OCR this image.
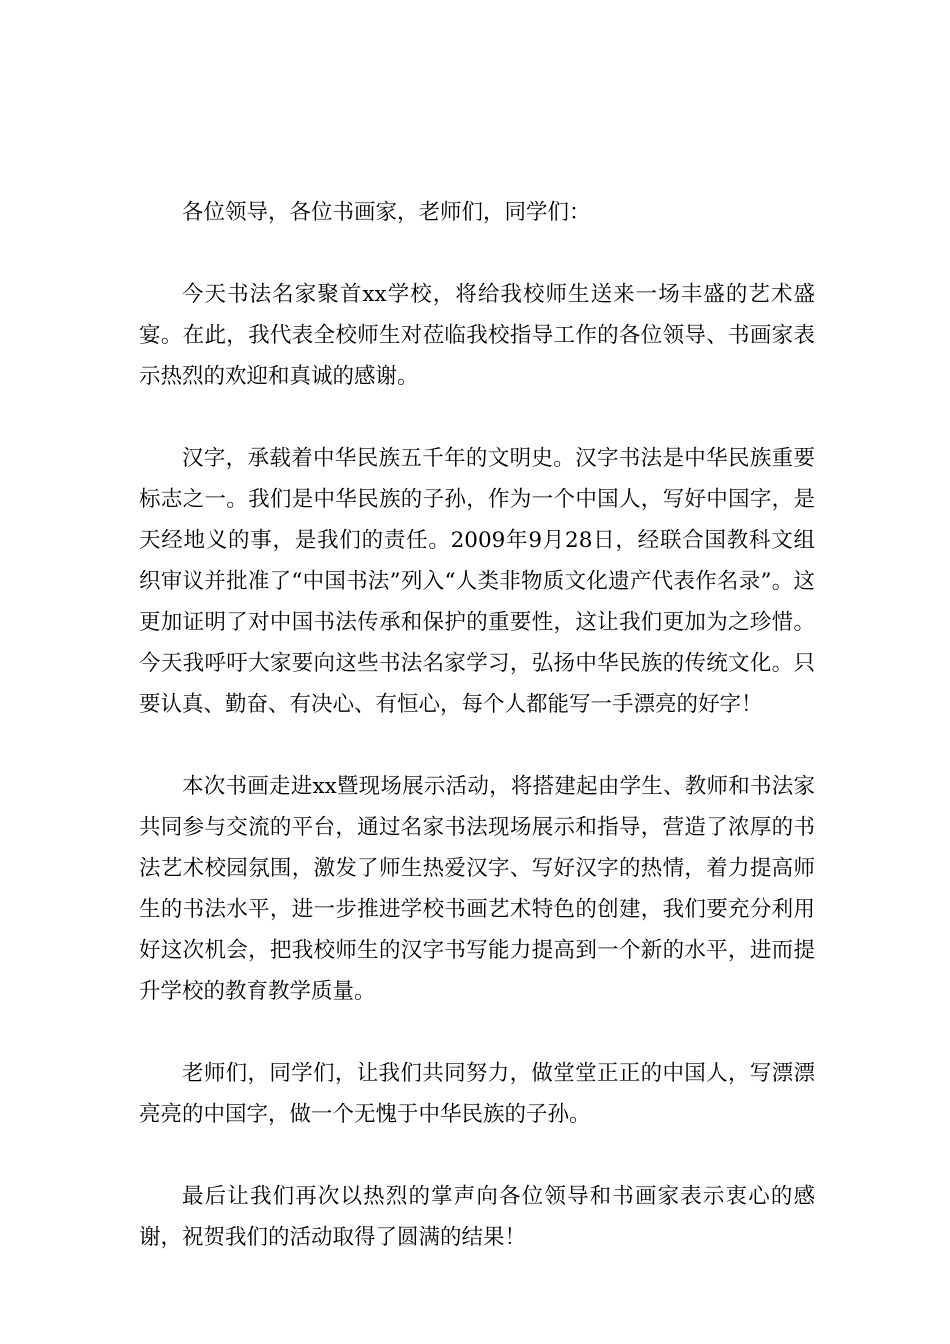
各位领导，各位书画家，老师们，同学们：

今天书法名家聚首xx学校，将给我校师生送来一场丰盛的艺术盛宴。在此，我代表全校师生对莅临我校指导工作的各位领导、书画家表示热烈的欢迎和真诚的感谢。

汉字，承载着中华民族五千年的文明史。汉字书法是中华民族重要标志之一。我们是中华民族的子孙，作为一个中国人，写好中国字，是天经地义的事，是我们的责任。2009年9月28日，经联合国教科文组织审议并批准了“中国书法”列入“人类非物质文化遗产代表作名录”。这更加证明了对中国书法传承和保护的重要性，这让我们更加为之珍惜。今天我呼吁大家要向这些书法名家学习，弘扬中华民族的传统文化。只要认真、勤奋、有决心、有恒心，每个人都能写一手漂亮的好字！

本次书画走进xx暨现场展示活动，将搭建起由学生、教师和书法家共同参与交流的平台，通过名家书法现场展示和指导，营造了浓厚的书法艺术校园氛围，激发了师生热爱汉字、写好汉字的热情，着力提高师生的书法水平，进一步推进学校书画艺术特色的创建，我们要充分利用好这次机会，把我校师生的汉字书写能力提高到一个新的水平，进而提升学校的教育教学质量。

老师们，同学们，让我们共同努力，做堂堂正正的中国人，写漂漂亮亮的中国字，做一个无愧于中华民族的子孙。

最后让我们再次以热烈的掌声向各位领导和书画家表示衷心的感谢，祝贺我们的活动取得了圆满的结果！
